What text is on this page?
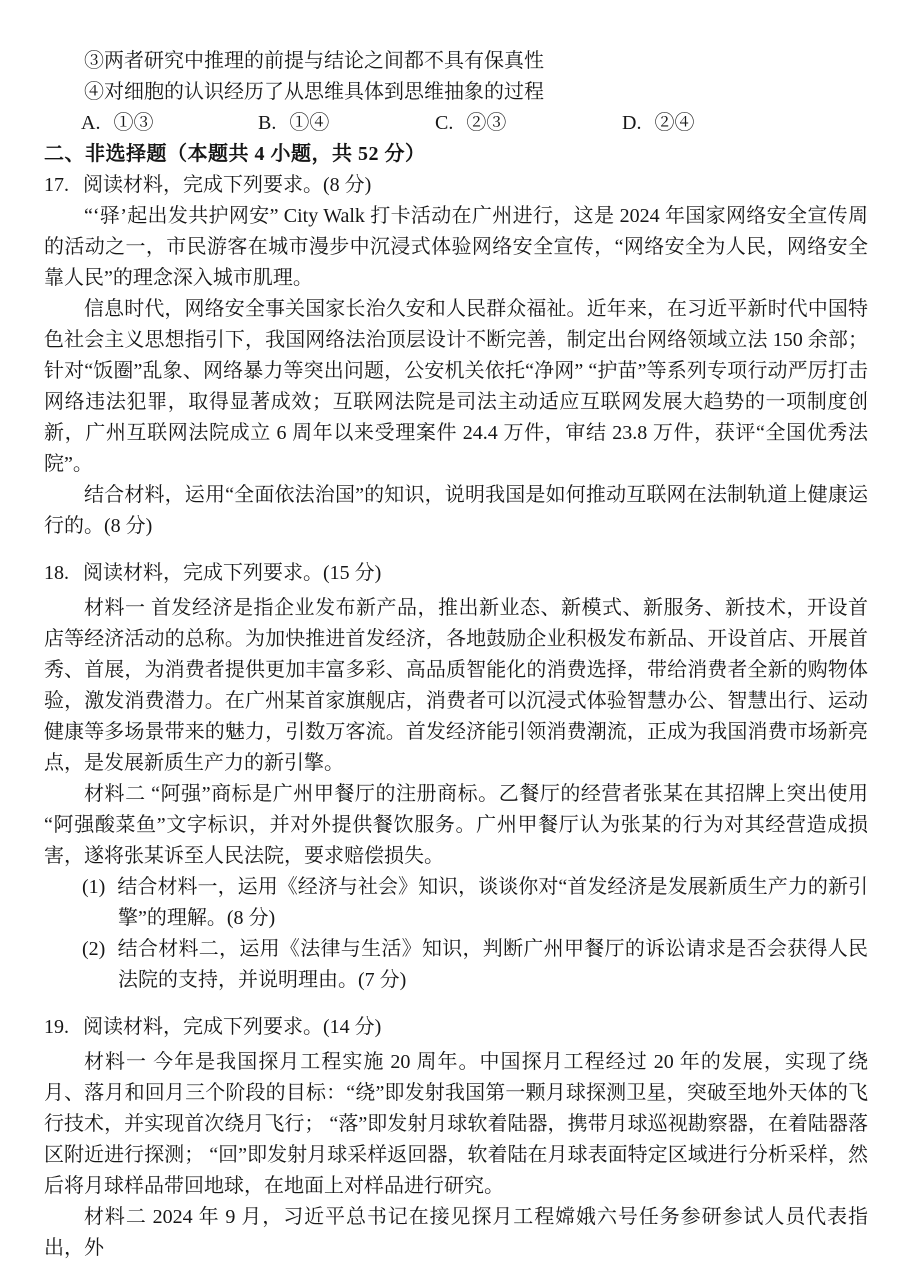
③两者研究中推理的前提与结论之间都不具有保真性

④对细胞的认识经历了从思维具体到思维抽象的过程

A. ①③	B. ①④	C. ②③	D. ②④

二、非选择题（本题共 4 小题，共 52 分）

17. 阅读材料，完成下列要求。(8 分)

“‘驿’起出发共护网安” City Walk 打卡活动在广州进行，这是 2024 年国家网络安全宣传周的活动之一，市民游客在城市漫步中沉浸式体验网络安全宣传，“网络安全为人民，网络安全靠人民”的理念深入城市肌理。

信息时代，网络安全事关国家长治久安和人民群众福祉。近年来，在习近平新时代中国特色社会主义思想指引下，我国网络法治顶层设计不断完善，制定出台网络领域立法 150 余部；针对“饭圈”乱象、网络暴力等突出问题，公安机关依托“净网” “护苗”等系列专项行动严厉打击网络违法犯罪，取得显著成效；互联网法院是司法主动适应互联网发展大趋势的一项制度创新，广州互联网法院成立 6 周年以来受理案件 24.4 万件，审结 23.8 万件，获评“全国优秀法院”。

结合材料，运用“全面依法治国”的知识，说明我国是如何推动互联网在法制轨道上健康运行的。(8 分)

18. 阅读材料，完成下列要求。(15 分)

材料一 首发经济是指企业发布新产品，推出新业态、新模式、新服务、新技术，开设首店等经济活动的总称。为加快推进首发经济，各地鼓励企业积极发布新品、开设首店、开展首秀、首展，为消费者提供更加丰富多彩、高品质智能化的消费选择，带给消费者全新的购物体验，激发消费潜力。在广州某首家旗舰店，消费者可以沉浸式体验智慧办公、智慧出行、运动健康等多场景带来的魅力，引数万客流。首发经济能引领消费潮流，正成为我国消费市场新亮点，是发展新质生产力的新引擎。

材料二 “阿强”商标是广州甲餐厅的注册商标。乙餐厅的经营者张某在其招牌上突出使用“阿强酸菜鱼”文字标识，并对外提供餐饮服务。广州甲餐厅认为张某的行为对其经营造成损害，遂将张某诉至人民法院，要求赔偿损失。

(1) 结合材料一，运用《经济与社会》知识，谈谈你对“首发经济是发展新质生产力的新引擎”的理解。(8 分)

(2) 结合材料二，运用《法律与生活》知识，判断广州甲餐厅的诉讼请求是否会获得人民法院的支持，并说明理由。(7 分)

19. 阅读材料，完成下列要求。(14 分)

材料一 今年是我国探月工程实施 20 周年。中国探月工程经过 20 年的发展，实现了绕月、落月和回月三个阶段的目标：“绕”即发射我国第一颗月球探测卫星，突破至地外天体的飞行技术，并实现首次绕月飞行； “落”即发射月球软着陆器，携带月球巡视勘察器，在着陆器落区附近进行探测； “回”即发射月球采样返回器，软着陆在月球表面特定区域进行分析采样，然后将月球样品带回地球，在地面上对样品进行研究。

材料二 2024 年 9 月，习近平总书记在接见探月工程嫦娥六号任务参研参试人员代表指出，外
